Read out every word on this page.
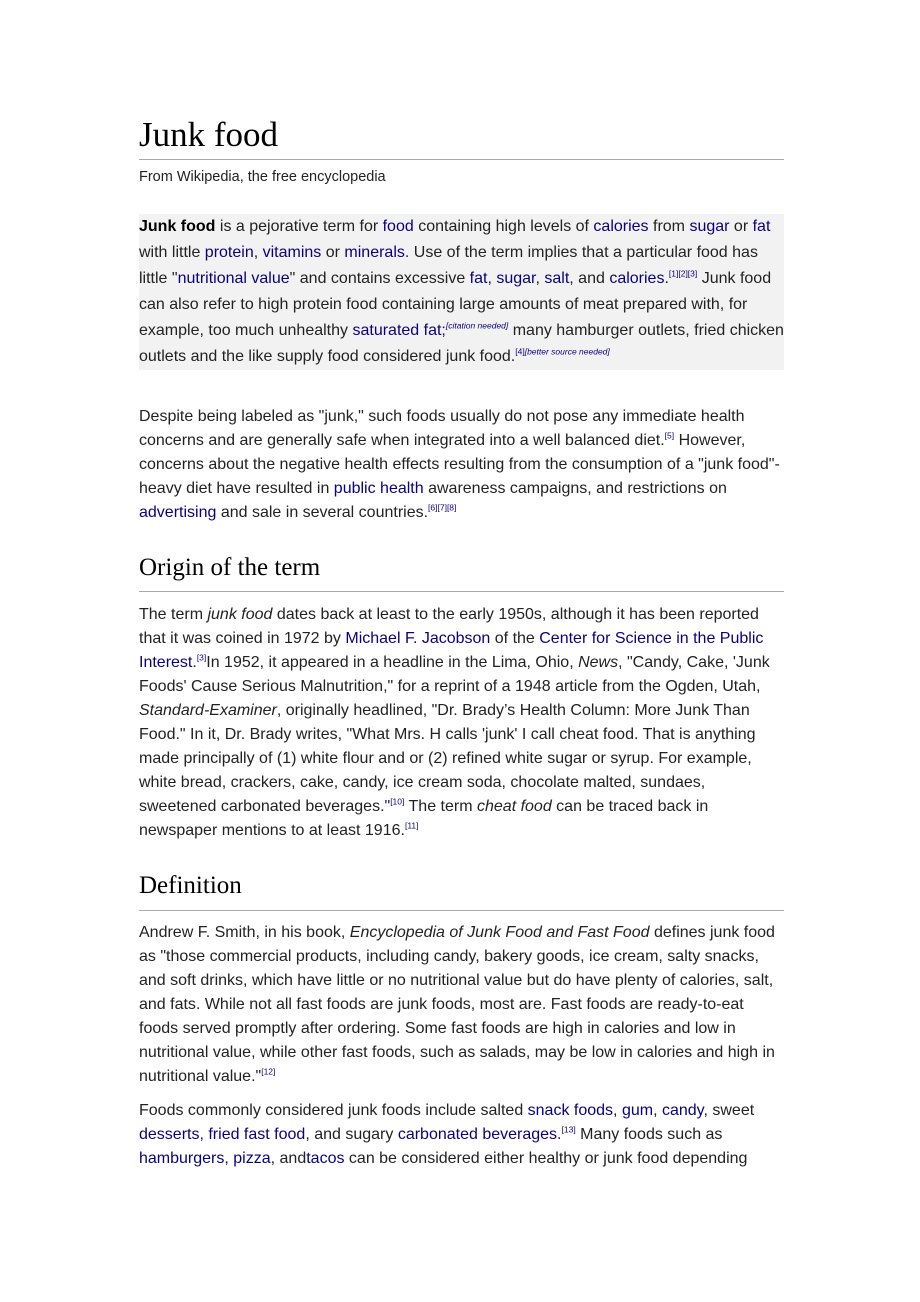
Junk food
From Wikipedia, the free encyclopedia
Junk food is a pejorative term for food containing high levels of calories from sugar or fat with little protein, vitamins or minerals. Use of the term implies that a particular food has little "nutritional value" and contains excessive fat, sugar, salt, and calories.[1][2][3] Junk food can also refer to high protein food containing large amounts of meat prepared with, for example, too much unhealthy saturated fat;[citation needed] many hamburger outlets, fried chicken outlets and the like supply food considered junk food.[4][better source needed]

Despite being labeled as "junk," such foods usually do not pose any immediate health concerns and are generally safe when integrated into a well balanced diet.[5] However, concerns about the negative health effects resulting from the consumption of a "junk food"-heavy diet have resulted in public health awareness campaigns, and restrictions on advertising and sale in several countries.[6][7][8]

Origin of the term

The term junk food dates back at least to the early 1950s, although it has been reported that it was coined in 1972 by Michael F. Jacobson of the Center for Science in the Public Interest.[3]In 1952, it appeared in a headline in the Lima, Ohio, News, "Candy, Cake, 'Junk Foods' Cause Serious Malnutrition," for a reprint of a 1948 article from the Ogden, Utah, Standard-Examiner, originally headlined, "Dr. Brady’s Health Column: More Junk Than Food." In it, Dr. Brady writes, "What Mrs. H calls 'junk' I call cheat food. That is anything made principally of (1) white flour and or (2) refined white sugar or syrup. For example, white bread, crackers, cake, candy, ice cream soda, chocolate malted, sundaes, sweetened carbonated beverages."[10] The term cheat food can be traced back in newspaper mentions to at least 1916.[11]

Definition

Andrew F. Smith, in his book, Encyclopedia of Junk Food and Fast Food defines junk food as "those commercial products, including candy, bakery goods, ice cream, salty snacks, and soft drinks, which have little or no nutritional value but do have plenty of calories, salt, and fats. While not all fast foods are junk foods, most are. Fast foods are ready-to-eat foods served promptly after ordering. Some fast foods are high in calories and low in nutritional value, while other fast foods, such as salads, may be low in calories and high in nutritional value."[12]

Foods commonly considered junk foods include salted snack foods, gum, candy, sweet desserts, fried fast food, and sugary carbonated beverages.[13] Many foods such as hamburgers, pizza, andtacos can be considered either healthy or junk food depending
